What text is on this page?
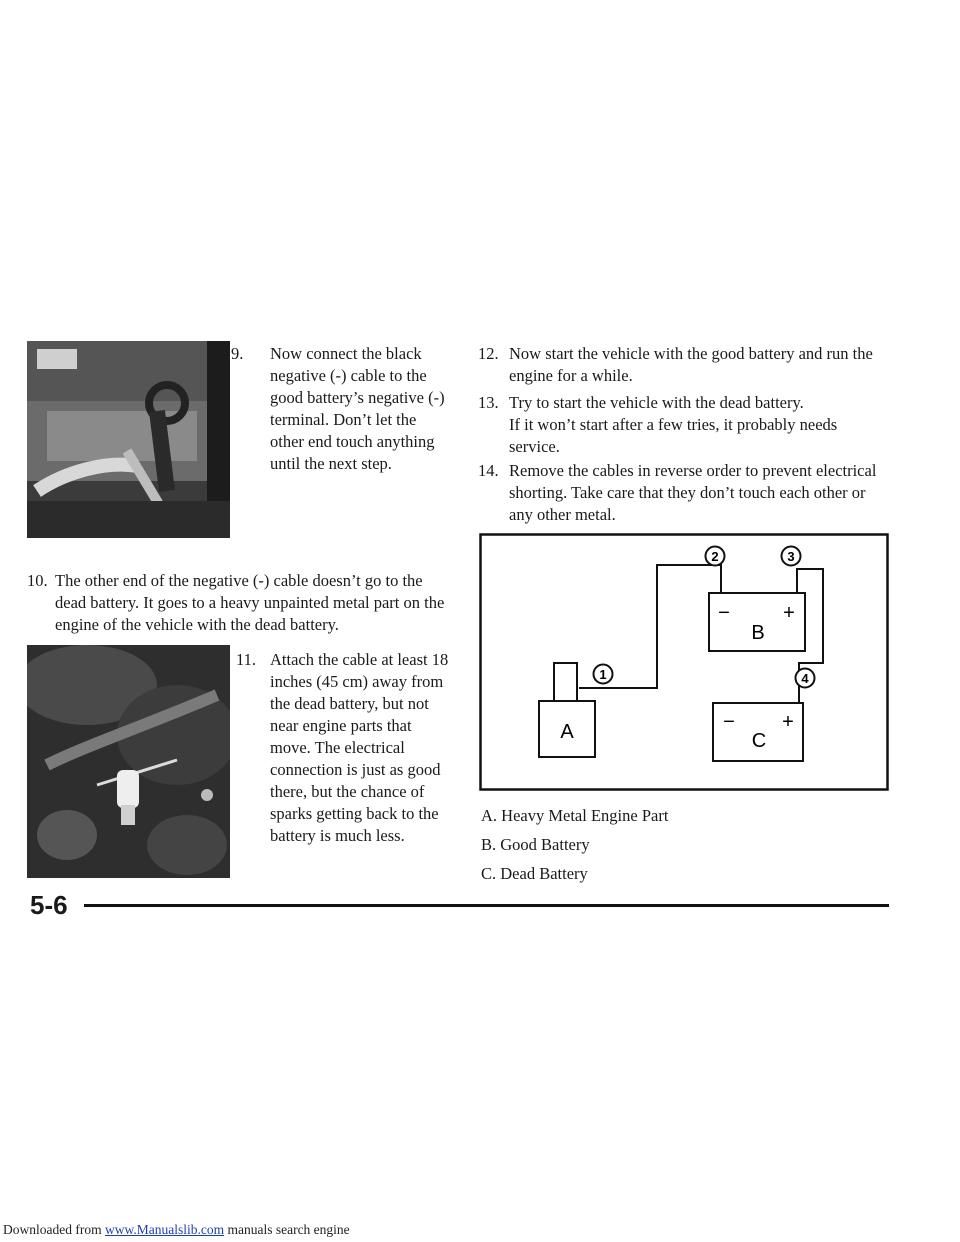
9. Now connect the black negative (-) cable to the good battery’s negative (-) terminal. Don’t let the other end touch anything until the next step.
10. The other end of the negative (-) cable doesn’t go to the dead battery. It goes to a heavy unpainted metal part on the engine of the vehicle with the dead battery.
11. Attach the cable at least 18 inches (45 cm) away from the dead battery, but not near engine parts that move. The electrical connection is just as good there, but the chance of sparks getting back to the battery is much less.
12. Now start the vehicle with the good battery and run the engine for a while.
13. Try to start the vehicle with the dead battery.
If it won’t start after a few tries, it probably needs service.
14. Remove the cables in reverse order to prevent electrical shorting. Take care that they don’t touch each other or any other metal.
A
−	+
B
− +
C
1
2	3
4
A. Heavy Metal Engine Part
B. Good Battery
C. Dead Battery
5-6
Downloaded from www.Manualslib.com manuals search engine
